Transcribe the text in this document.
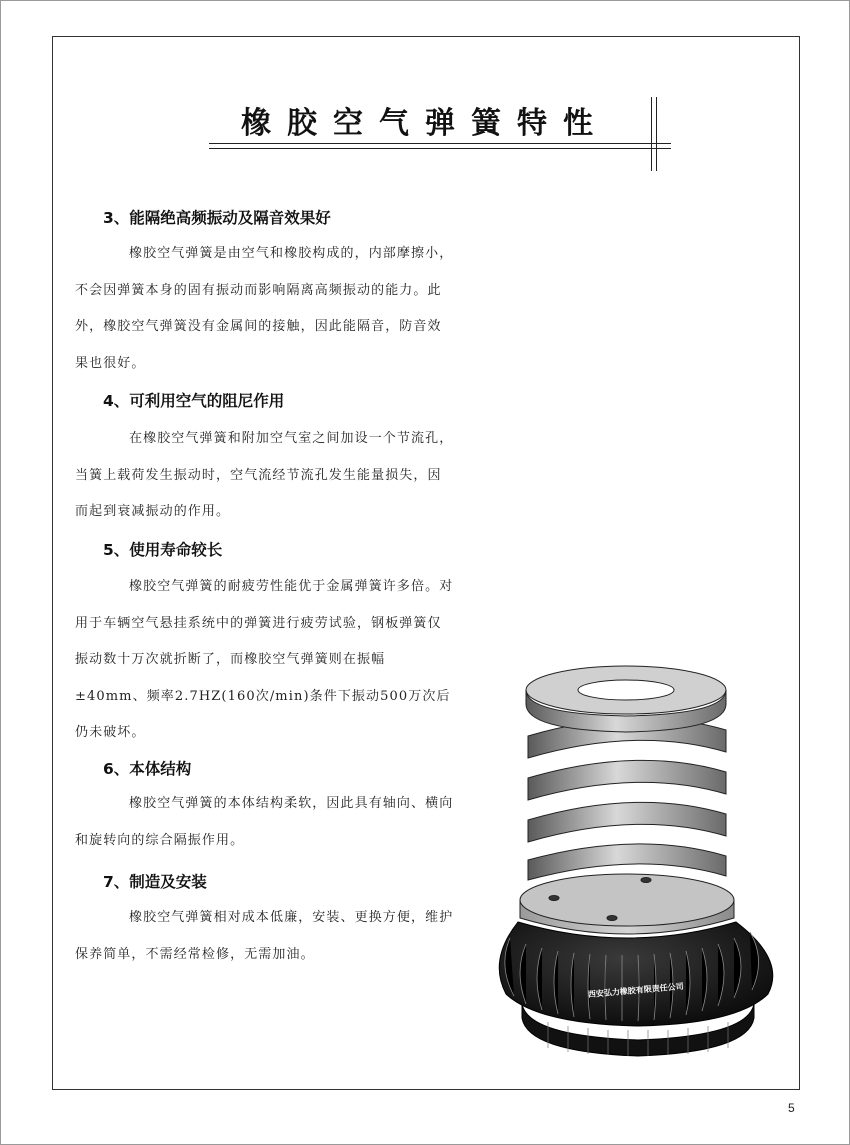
橡胶空气弹簧特性
3、能隔绝高频振动及隔音效果好

橡胶空气弹簧是由空气和橡胶构成的，内部摩擦小，不会因弹簧本身的固有振动而影响隔离高频振动的能力。此外，橡胶空气弹簧没有金属间的接触，因此能隔音，防音效果也很好。

4、可利用空气的阻尼作用

在橡胶空气弹簧和附加空气室之间加设一个节流孔，当簧上载荷发生振动时，空气流经节流孔发生能量损失，因而起到衰减振动的作用。

5、使用寿命较长

橡胶空气弹簧的耐疲劳性能优于金属弹簧许多倍。对用于车辆空气悬挂系统中的弹簧进行疲劳试验，钢板弹簧仅振动数十万次就折断了，而橡胶空气弹簧则在振幅±40mm、频率2.7HZ(160次/min)条件下振动500万次后仍未破坏。

6、本体结构

橡胶空气弹簧的本体结构柔软，因此具有轴向、横向和旋转向的综合隔振作用。

7、制造及安装

橡胶空气弹簧相对成本低廉，安装、更换方便，维护保养简单，不需经常检修，无需加油。

西安弘力橡胶有限责任公司
5
